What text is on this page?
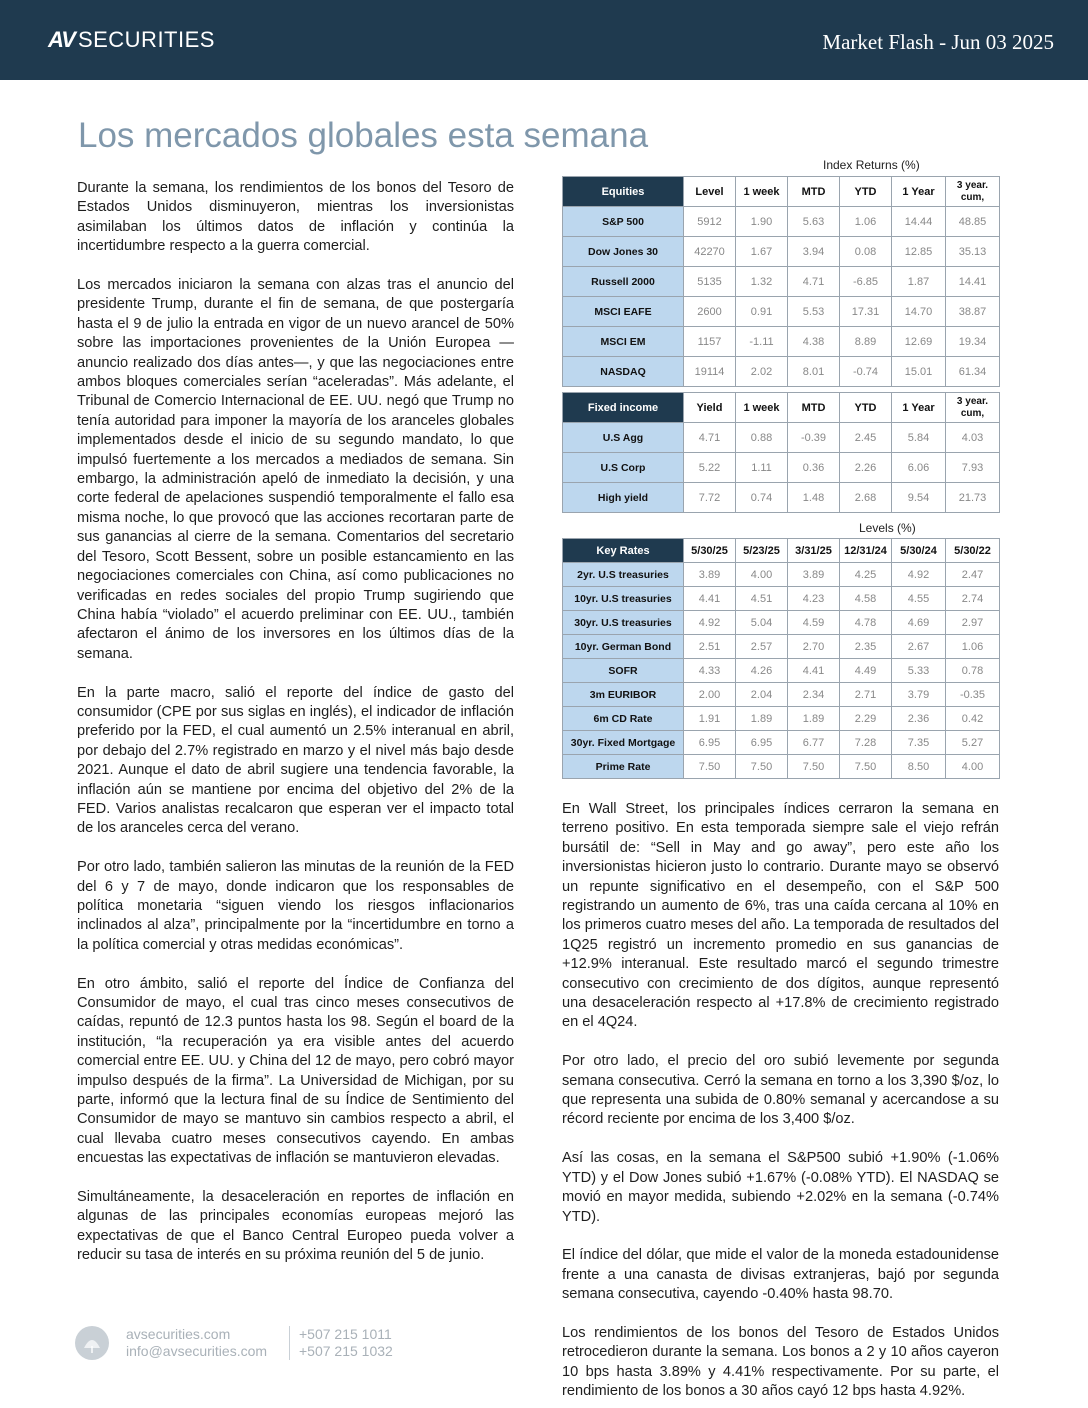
AV SECURITIES	Market Flash - Jun 03 2025
Los mercados globales esta semana

Durante la semana, los rendimientos de los bonos del Tesoro de Estados Unidos disminuyeron, mientras los inversionistas asimilaban los últimos datos de inflación y continúa la incertidumbre respecto a la guerra comercial.

Los mercados iniciaron la semana con alzas tras el anuncio del presidente Trump, durante el fin de semana, de que postergaría hasta el 9 de julio la entrada en vigor de un nuevo arancel de 50% sobre las importaciones provenientes de la Unión Europea —anuncio realizado dos días antes—, y que las negociaciones entre ambos bloques comerciales serían “aceleradas”. Más adelante, el Tribunal de Comercio Internacional de EE. UU. negó que Trump no tenía autoridad para imponer la mayoría de los aranceles globales implementados desde el inicio de su segundo mandato, lo que impulsó fuertemente a los mercados a mediados de semana. Sin embargo, la administración apeló de inmediato la decisión, y una corte federal de apelaciones suspendió temporalmente el fallo esa misma noche, lo que provocó que las acciones recortaran parte de sus ganancias al cierre de la semana. Comentarios del secretario del Tesoro, Scott Bessent, sobre un posible estancamiento en las negociaciones comerciales con China, así como publicaciones no verificadas en redes sociales del propio Trump sugiriendo que China había “violado” el acuerdo preliminar con EE. UU., también afectaron el ánimo de los inversores en los últimos días de la semana.

En la parte macro, salió el reporte del índice de gasto del consumidor (CPE por sus siglas en inglés), el indicador de inflación preferido por la FED, el cual aumentó un 2.5% interanual en abril, por debajo del 2.7% registrado en marzo y el nivel más bajo desde 2021. Aunque el dato de abril sugiere una tendencia favorable, la inflación aún se mantiene por encima del objetivo del 2% de la FED. Varios analistas recalcaron que esperan ver el impacto total de los aranceles cerca del verano.

Por otro lado, también salieron las minutas de la reunión de la FED del 6 y 7 de mayo, donde indicaron que los responsables de política monetaria “siguen viendo los riesgos inflacionarios inclinados al alza”, principalmente por la “incertidumbre en torno a la política comercial y otras medidas económicas”.

En otro ámbito, salió el reporte del Índice de Confianza del Consumidor de mayo, el cual tras cinco meses consecutivos de caídas, repuntó de 12.3 puntos hasta los 98. Según el board de la institución, “la recuperación ya era visible antes del acuerdo comercial entre EE. UU. y China del 12 de mayo, pero cobró mayor impulso después de la firma”. La Universidad de Michigan, por su parte, informó que la lectura final de su Índice de Sentimiento del Consumidor de mayo se mantuvo sin cambios respecto a abril, el cual llevaba cuatro meses consecutivos cayendo. En ambas encuestas las expectativas de inflación se mantuvieron elevadas.

Simultáneamente, la desaceleración en reportes de inflación en algunas de las principales economías europeas mejoró las expectativas de que el Banco Central Europeo pueda volver a reducir su tasa de interés en su próxima reunión del 5 de junio.

Index Returns (%)
Equities	Level	1 week	MTD	YTD	1 Year	3 year. cum,
S&P 500	5912	1.90	5.63	1.06	14.44	48.85
Dow Jones 30	42270	1.67	3.94	0.08	12.85	35.13
Russell 2000	5135	1.32	4.71	-6.85	1.87	14.41
MSCI EAFE	2600	0.91	5.53	17.31	14.70	38.87
MSCI EM	1157	-1.11	4.38	8.89	12.69	19.34
NASDAQ	19114	2.02	8.01	-0.74	15.01	61.34
Fixed income	Yield	1 week	MTD	YTD	1 Year	3 year. cum,
U.S Agg	4.71	0.88	-0.39	2.45	5.84	4.03
U.S Corp	5.22	1.11	0.36	2.26	6.06	7.93
High yield	7.72	0.74	1.48	2.68	9.54	21.73
Levels (%)
Key Rates	5/30/25	5/23/25	3/31/25	12/31/24	5/30/24	5/30/22
2yr. U.S treasuries	3.89	4.00	3.89	4.25	4.92	2.47
10yr. U.S treasuries	4.41	4.51	4.23	4.58	4.55	2.74
30yr. U.S treasuries	4.92	5.04	4.59	4.78	4.69	2.97
10yr. German Bond	2.51	2.57	2.70	2.35	2.67	1.06
SOFR	4.33	4.26	4.41	4.49	5.33	0.78
3m EURIBOR	2.00	2.04	2.34	2.71	3.79	-0.35
6m CD Rate	1.91	1.89	1.89	2.29	2.36	0.42
30yr. Fixed Mortgage	6.95	6.95	6.77	7.28	7.35	5.27
Prime Rate	7.50	7.50	7.50	7.50	8.50	4.00

En Wall Street, los principales índices cerraron la semana en terreno positivo. En esta temporada siempre sale el viejo refrán bursátil de: “Sell in May and go away”, pero este año los inversionistas hicieron justo lo contrario. Durante mayo se observó un repunte significativo en el desempeño, con el S&P 500 registrando un aumento de 6%, tras una caída cercana al 10% en los primeros cuatro meses del año. La temporada de resultados del 1Q25 registró un incremento promedio en sus ganancias de +12.9% interanual. Este resultado marcó el segundo trimestre consecutivo con crecimiento de dos dígitos, aunque representó una desaceleración respecto al +17.8% de crecimiento registrado en el 4Q24.

Por otro lado, el precio del oro subió levemente por segunda semana consecutiva. Cerró la semana en torno a los 3,390 $/oz, lo que representa una subida de 0.80% semanal y acercandose a su récord reciente por encima de los 3,400 $/oz.

Así las cosas, en la semana el S&P500 subió +1.90% (-1.06% YTD) y el Dow Jones subió +1.67% (-0.08% YTD). El NASDAQ se movió en mayor medida, subiendo +2.02% en la semana (-0.74% YTD).

El índice del dólar, que mide el valor de la moneda estadounidense frente a una canasta de divisas extranjeras, bajó por segunda semana consecutiva, cayendo -0.40% hasta 98.70.

Los rendimientos de los bonos del Tesoro de Estados Unidos retrocedieron durante la semana. Los bonos a 2 y 10 años cayeron 10 bps hasta 3.89% y 4.41% respectivamente. Por su parte, el rendimiento de los bonos a 30 años cayó 12 bps hasta 4.92%.

avsecurities.com
info@avsecurities.com
+507 215 1011
+507 215 1032
